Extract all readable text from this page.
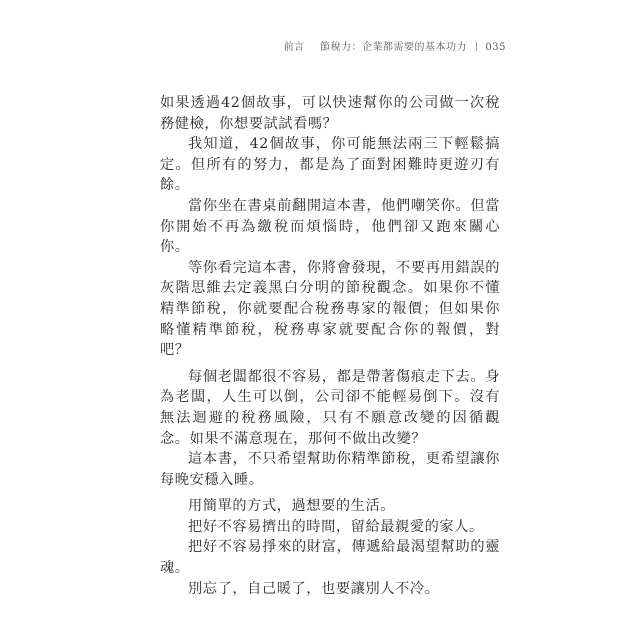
前言 節稅力：企業都需要的基本功力 035

如果透過42個故事，可以快速幫你的公司做一次稅務健檢，你想要試試看嗎？

我知道，42個故事，你可能無法兩三下輕鬆搞定。但所有的努力，都是為了面對困難時更遊刃有餘。

當你坐在書桌前翻開這本書，他們嘲笑你。但當你開始不再為繳稅而煩惱時，他們卻又跑來關心你。

等你看完這本書，你將會發現，不要再用錯誤的灰階思維去定義黑白分明的節稅觀念。如果你不懂精準節稅，你就要配合稅務專家的報價；但如果你略懂精準節稅，稅務專家就要配合你的報價，對吧？

每個老闆都很不容易，都是帶著傷痕走下去。身為老闆，人生可以倒，公司卻不能輕易倒下。沒有無法迴避的稅務風險，只有不願意改變的因循觀念。如果不滿意現在，那何不做出改變？

這本書，不只希望幫助你精準節稅，更希望讓你每晚安穩入睡。

用簡單的方式，過想要的生活。

把好不容易擠出的時間，留給最親愛的家人。

把好不容易掙來的財富，傳遞給最渴望幫助的靈魂。

別忘了，自己暖了，也要讓別人不冷。
